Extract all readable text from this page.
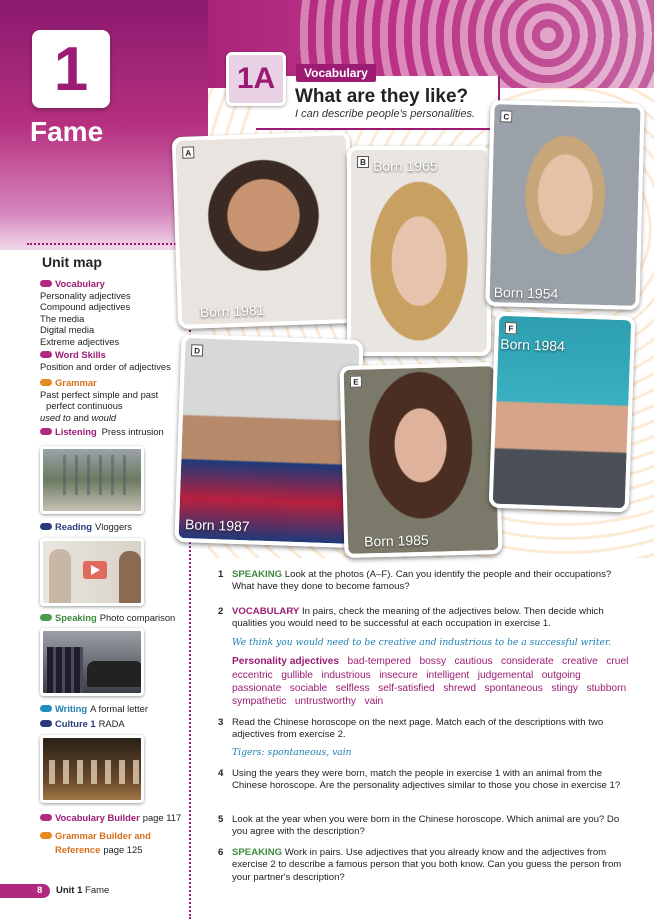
1
Fame
1A	Vocabulary
What are they like?
I can describe people's personalities.
Unit map
Vocabulary
Personality adjectives
Compound adjectives
The media
Digital media
Extreme adjectives
Word Skills
Position and order of adjectives
Grammar
Past perfect simple and past
perfect continuous
used to and would
Listening Press intrusion
Reading Vloggers
Speaking Photo comparison
Writing A formal letter
Culture 1 RADA
Vocabulary Builder page 117
Grammar Builder and
Reference page 125
A
Born 1981
B Born 1965
C
Born 1954
D
Born 1987
E
Born 1985
F
Born 1984
1 SPEAKING Look at the photos (A–F). Can you identify the people and their occupations? What have they done to become famous?
2 VOCABULARY In pairs, check the meaning of the adjectives below. Then decide which qualities you would need to be successful at each occupation in exercise 1.
We think you would need to be creative and industrious to be a successful writer.
Personality adjectives bad-tempered   bossy   cautious   considerate   creative   cruel   eccentric   gullible   industrious   insecure   intelligent   judgemental   outgoing   passionate   sociable   selfless   self-satisfied   shrewd   spontaneous   stingy   stubborn   sympathetic   untrustworthy   vain
3 Read the Chinese horoscope on the next page. Match each of the descriptions with two adjectives from exercise 2.
Tigers: spontaneous, vain
4 Using the years they were born, match the people in exercise 1 with an animal from the Chinese horoscope. Are the personality adjectives similar to those you chose in exercise 1?
5 Look at the year when you were born in the Chinese horoscope. Which animal are you? Do you agree with the description?
6 SPEAKING Work in pairs. Use adjectives that you already know and the adjectives from exercise 2 to describe a famous person that you both know. Can you guess the person from your partner's description?
8 Unit 1 Fame
